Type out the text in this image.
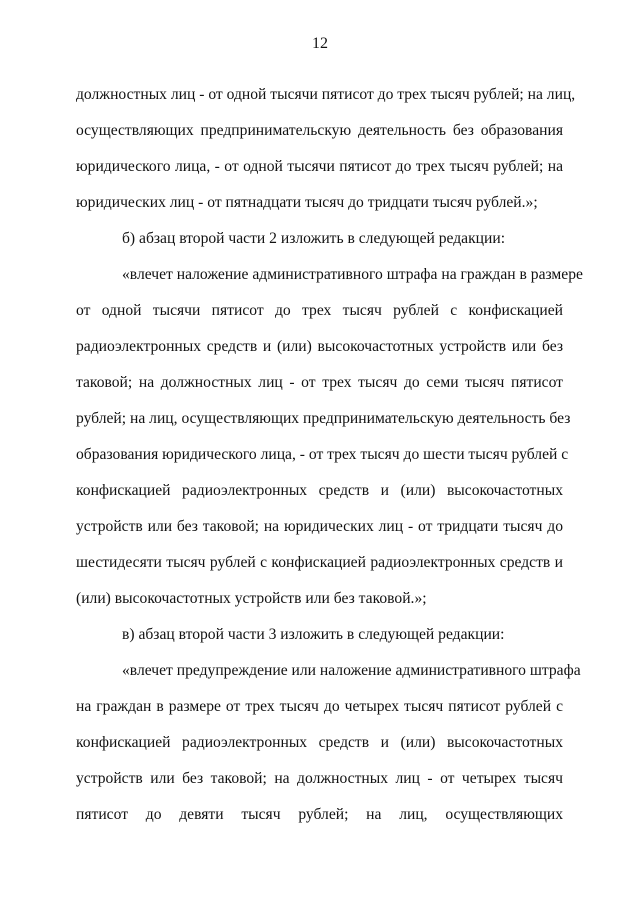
12
должностных лиц - от одной тысячи пятисот до трех тысяч рублей; на лиц,
осуществляющих предпринимательскую деятельность без образования
юридического лица, - от одной тысячи пятисот до трех тысяч рублей; на
юридических лиц - от пятнадцати тысяч до тридцати тысяч рублей.»;
б) абзац второй части 2 изложить в следующей редакции:
«влечет наложение административного штрафа на граждан в размере
от одной тысячи пятисот до трех тысяч рублей с конфискацией
радиоэлектронных средств и (или) высокочастотных устройств или без
таковой; на должностных лиц - от трех тысяч до семи тысяч пятисот
рублей; на лиц, осуществляющих предпринимательскую деятельность без
образования юридического лица, - от трех тысяч до шести тысяч рублей с
конфискацией радиоэлектронных средств и (или) высокочастотных
устройств или без таковой; на юридических лиц - от тридцати тысяч до
шестидесяти тысяч рублей с конфискацией радиоэлектронных средств и
(или) высокочастотных устройств или без таковой.»;
в) абзац второй части 3 изложить в следующей редакции:
«влечет предупреждение или наложение административного штрафа
на граждан в размере от трех тысяч до четырех тысяч пятисот рублей с
конфискацией радиоэлектронных средств и (или) высокочастотных
устройств или без таковой; на должностных лиц - от четырех тысяч
пятисот до девяти тысяч рублей; на лиц, осуществляющих
